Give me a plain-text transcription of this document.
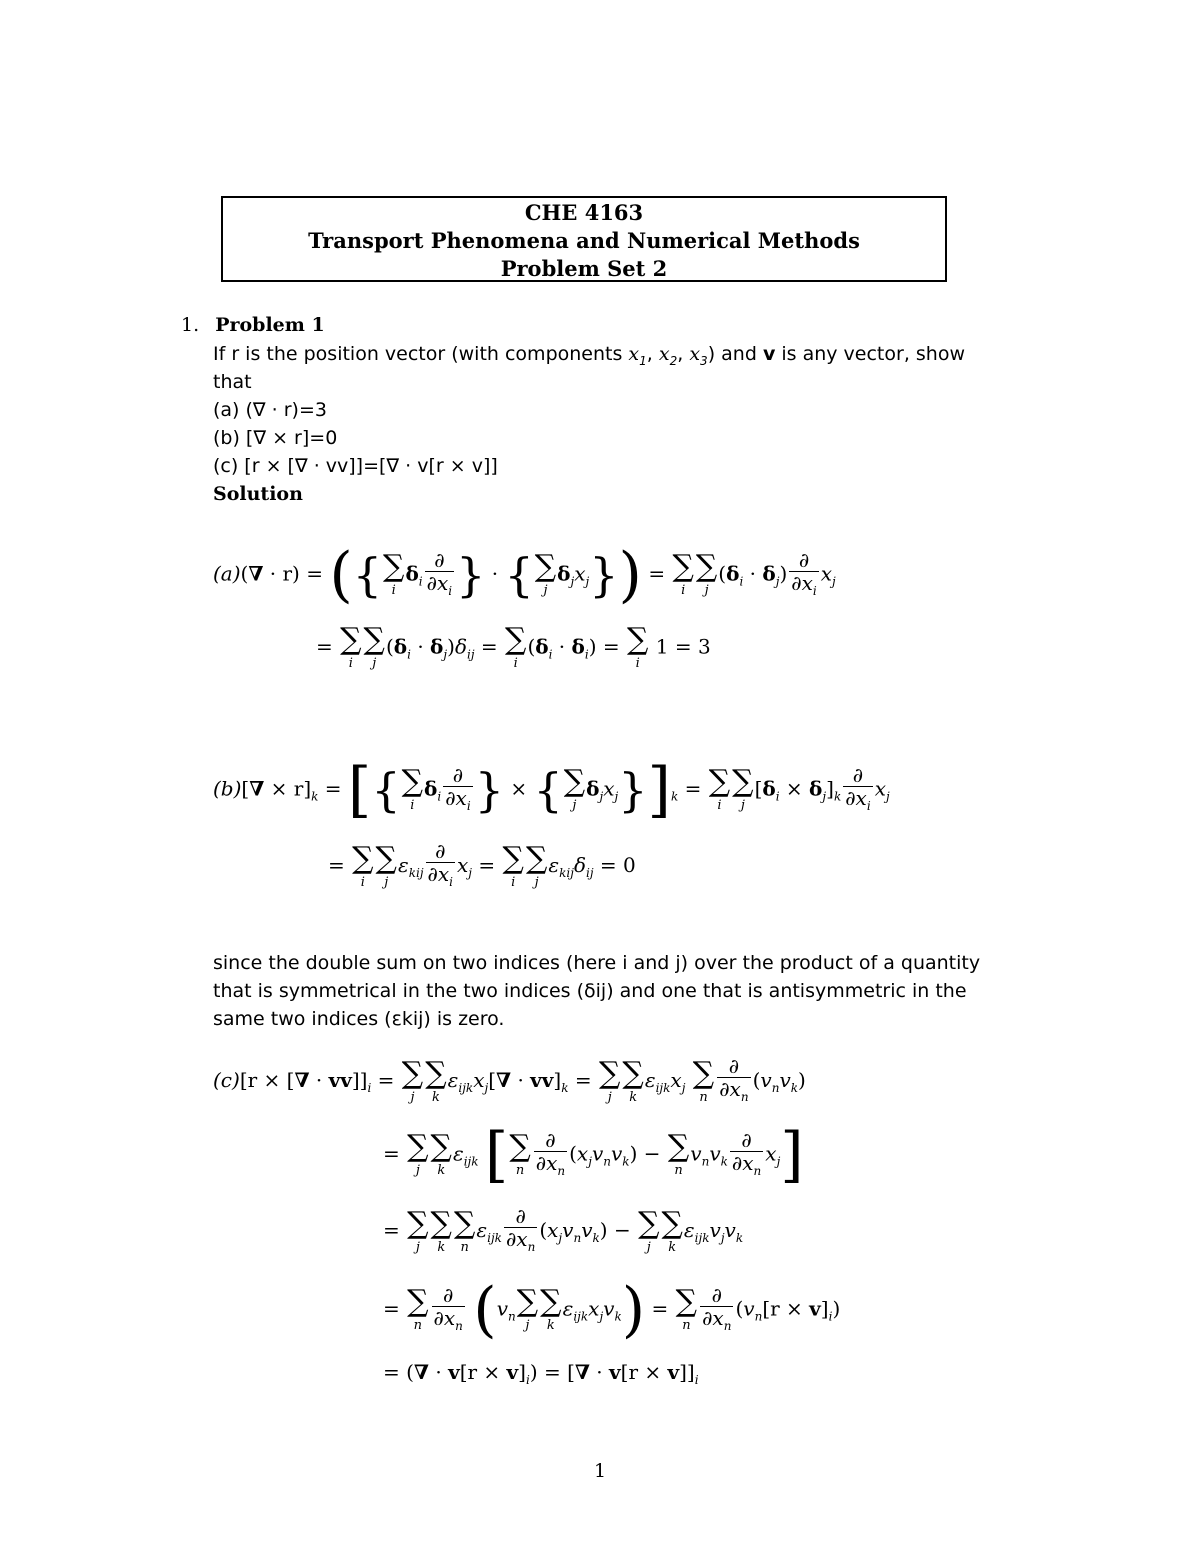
CHE 4163
Transport Phenomena and Numerical Methods
Problem Set 2
1. Problem 1
If r is the position vector (with components $x_1$, $x_2$, $x_3$) and v is any vector, show
that
(a) (∇ · r)=3
(b) [∇ × r]=0
(c) [r × [∇ · vv]]=[∇ · v[r × v]]
Solution
(a)(∇ · r) = ({ ∑
i
$\delta_i \frac{\partial}{\partial x_i}$ } · { ∑
j
$\delta_jx_j$}) = ∑
i
∑
j
$(\delta_i \cdot \delta_j) \frac{\partial}{\partial x_i} x_j$
= ∑
i
∑
j
$(\delta_i \cdot \delta_j)\delta_{ij}$ = ∑
i
$(\delta_i \cdot \delta_i)$ = ∑
i
1 = 3
$(b)[\nabla \times r]_k$ = [{ ∑
i
$\delta_i \frac{\partial}{\partial x_i}$ } × { ∑
j
$\delta_jx_j\}]_k$ = ∑
i
∑
j
$[\delta_i \times \delta_j]_k \frac{\partial}{\partial x_i} x_j$
= ∑
i
∑
j
$\varepsilon_{kij} \frac{\partial}{\partial x_i} x_j$ = ∑
i
∑
j
$\varepsilon_{kij}\delta_{ij} = 0$
since the double sum on two indices (here i and j) over the product of a quantity
that is symmetrical in the two indices (δij) and one that is antisymmetric in the
same two indices (εkij) is zero.
(c)[r × [∇ · $vv]]_i$ = ∑
j
∑
k
$\varepsilon_{ijk}x_j[\nabla \cdot vv]_k$ = ∑
j
∑
k
$\varepsilon_{ijk}x_j$ ∑
n $\frac{\partial}{\partial x_n} (v_nv_k)$
= ∑
j
∑
k
$\varepsilon_{ijk}$ [ ∑
n $\frac{\partial}{\partial x_n} (x_jv_nv_k)$ − ∑
n
$v_nv_k \frac{\partial}{\partial x_n} x_j$]
= ∑
j
∑
k
∑
n
$\varepsilon_{ijk} \frac{\partial}{\partial x_n} (x_jv_nv_k)$ − ∑
j
∑
k
$\varepsilon_{ijk}v_jv_k$
= ∑
n $\frac{\partial}{\partial x_n} (v_n$ ∑
j
∑
k
$\varepsilon_{ijk}x_jv_k$) = ∑
n $\frac{\partial}{\partial x_n} (v_n[r \times v]_i)$
= (∇ · $v[r \times v]_i$) = [∇ · $v[r \times v]]_i$
1
